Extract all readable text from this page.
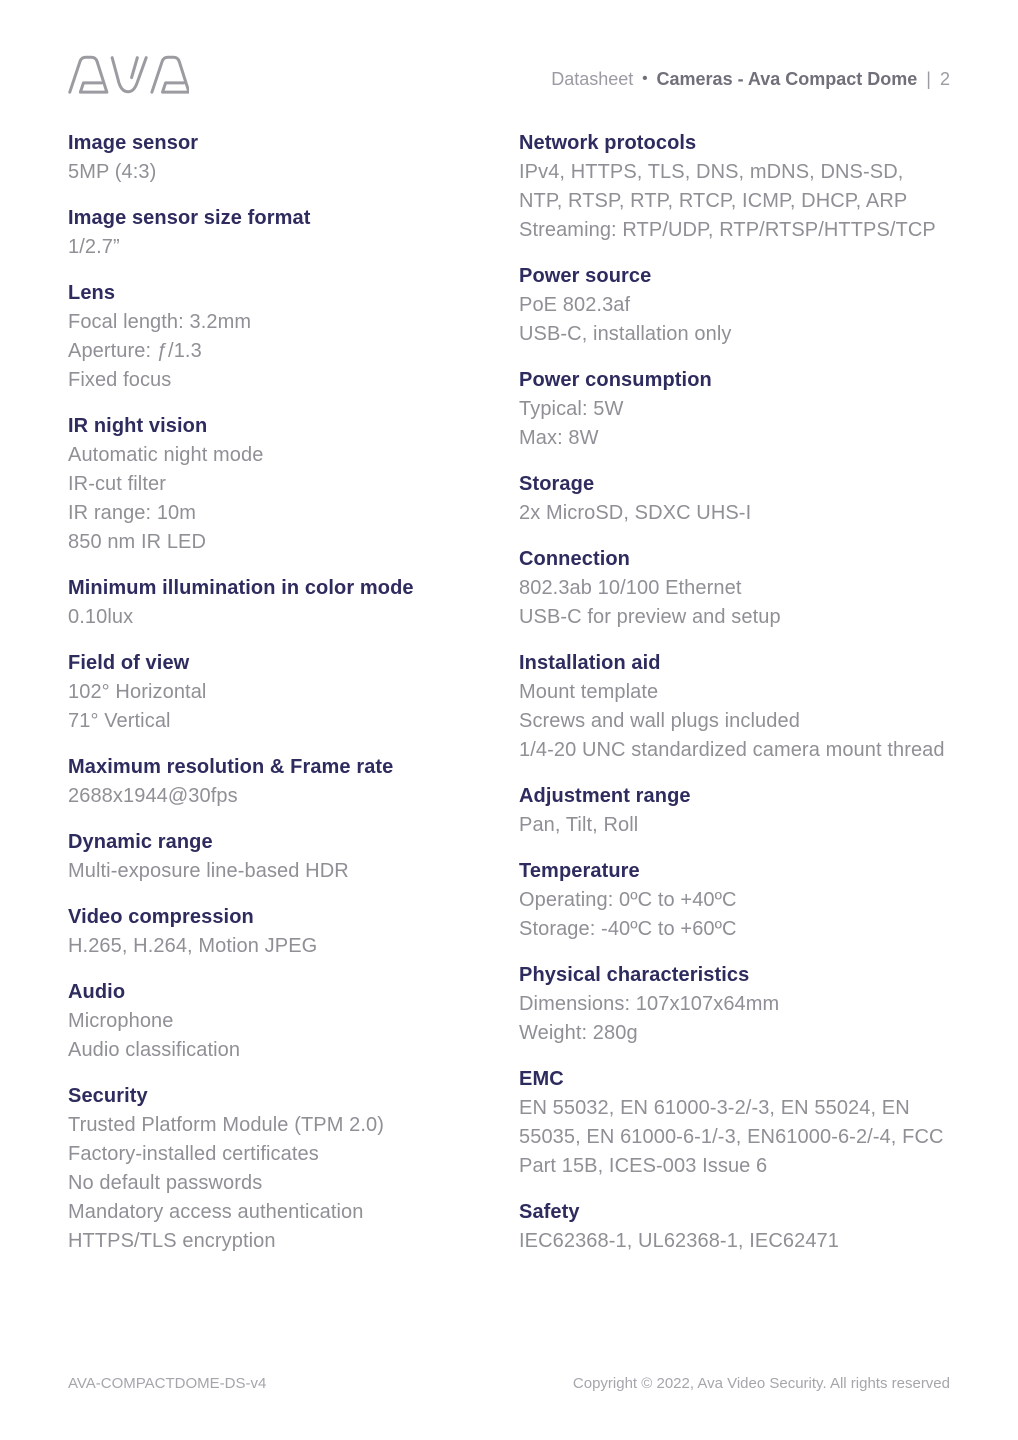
Datasheet • Cameras - Ava Compact Dome | 2
Image sensor
5MP (4:3)
Image sensor size format
1/2.7”
Lens
Focal length: 3.2mm
Aperture: ƒ/1.3
Fixed focus
IR night vision
Automatic night mode
IR-cut filter
IR range: 10m
850 nm IR LED
Minimum illumination in color mode
0.10lux
Field of view
102° Horizontal
71° Vertical
Maximum resolution & Frame rate
2688x1944@30fps
Dynamic range
Multi-exposure line-based HDR
Video compression
H.265, H.264, Motion JPEG
Audio
Microphone
Audio classification
Security
Trusted Platform Module (TPM 2.0)
Factory-installed certificates
No default passwords
Mandatory access authentication
HTTPS/TLS encryption
Network protocols
IPv4, HTTPS, TLS, DNS, mDNS, DNS-SD, NTP, RTSP, RTP, RTCP, ICMP, DHCP, ARP
Streaming: RTP/UDP, RTP/RTSP/HTTPS/TCP
Power source
PoE 802.3af
USB-C, installation only
Power consumption
Typical: 5W
Max: 8W
Storage
2x MicroSD, SDXC UHS-I
Connection
802.3ab 10/100 Ethernet
USB-C for preview and setup
Installation aid
Mount template
Screws and wall plugs included
1/4-20 UNC standardized camera mount thread
Adjustment range
Pan, Tilt, Roll
Temperature
Operating: 0ºC to +40ºC
Storage: -40ºC to +60ºC
Physical characteristics
Dimensions: 107x107x64mm
Weight: 280g
EMC
EN 55032, EN 61000-3-2/-3, EN 55024, EN 55035, EN 61000-6-1/-3, EN61000-6-2/-4, FCC Part 15B, ICES-003 Issue 6
Safety
IEC62368-1, UL62368-1, IEC62471
AVA-COMPACTDOME-DS-v4	Copyright © 2022, Ava Video Security. All rights reserved
